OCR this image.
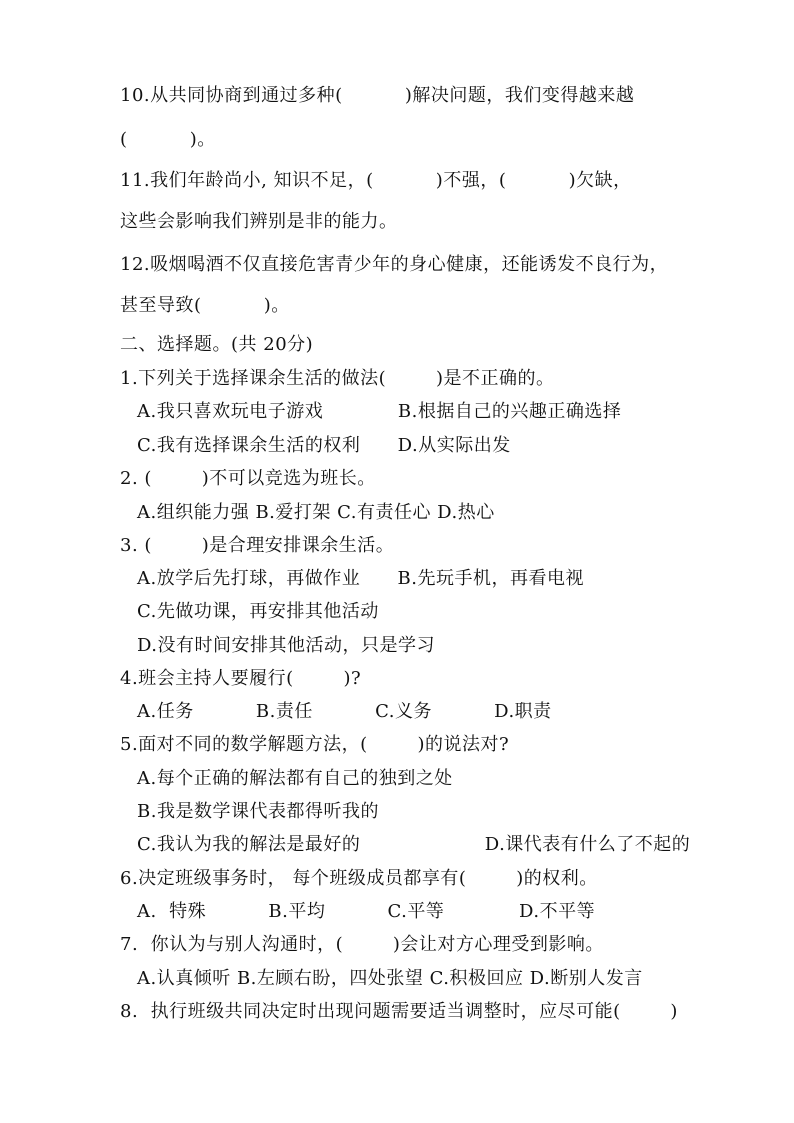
10.从共同协商到通过多种(          )解决问题，我们变得越来越
(          )。
11.我们年龄尚小, 知识不足，(          )不强，(          )欠缺，
这些会影响我们辨别是非的能力。
12.吸烟喝酒不仅直接危害青少年的身心健康，还能诱发不良行为，
甚至导致(          )。
二、选择题。(共 20分)
1.下列关于选择课余生活的做法(        )是不正确的。
A.我只喜欢玩电子游戏            B.根据自己的兴趣正确选择
C.我有选择课余生活的权利      D.从实际出发
2. (        )不可以竞选为班长。
A.组织能力强 B.爱打架 C.有责任心 D.热心
3. (        )是合理安排课余生活。
A.放学后先打球，再做作业      B.先玩手机，再看电视
C.先做功课，再安排其他活动
D.没有时间安排其他活动，只是学习
4.班会主持人要履行(        )?
A.任务          B.责任          C.义务          D.职责
5.面对不同的数学解题方法，(        )的说法对?
A.每个正确的解法都有自己的独到之处
B.我是数学课代表都得听我的
C.我认为我的解法是最好的                    D.课代表有什么了不起的
6.决定班级事务时， 每个班级成员都享有(        )的权利。
A.  特殊          B.平均          C.平等            D.不平等
7.  你认为与别人沟通时，(        )会让对方心理受到影响。
A.认真倾听 B.左顾右盼，四处张望 C.积极回应 D.断别人发言
8.  执行班级共同决定时出现问题需要适当调整时，应尽可能(        )
